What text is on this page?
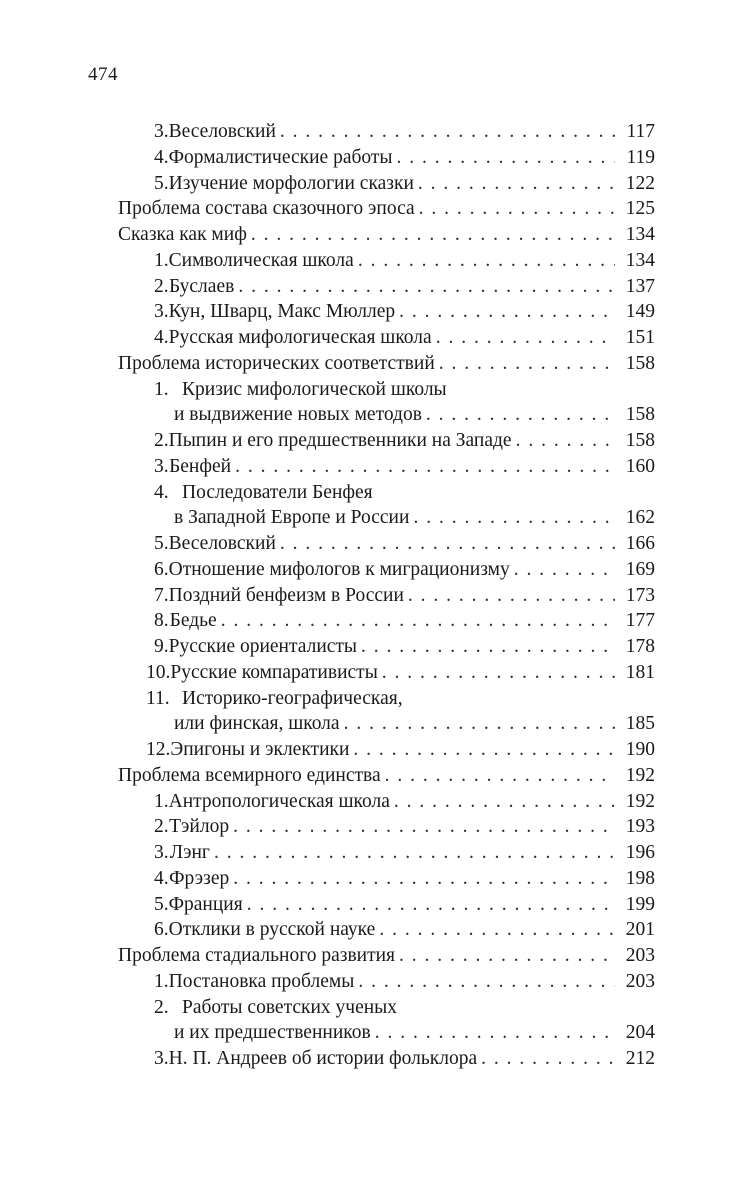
474
3. Веселовский . . .	117
4. Формалистические работы . . .	119
5. Изучение морфологии сказки . . .	122
Проблема состава сказочного эпоса . . .	125
Сказка как миф . . .	134
1. Символическая школа . . .	134
2. Буслаев . . .	137
3. Кун, Шварц, Макс Мюллер . . .	149
4. Русская мифологическая школа . . .	151
Проблема исторических соответствий . . .	158
1. Кризис мифологической школы
и выдвижение новых методов . . .	158
2. Пыпин и его предшественники на Западе . . .	158
3. Бенфей . . .	160
4. Последователи Бенфея
в Западной Европе и России . . .	162
5. Веселовский . . .	166
6. Отношение мифологов к миграционизму . . .	169
7. Поздний бенфеизм в России . . .	173
8. Бедье . . .	177
9. Русские ориенталисты . . .	178
10. Русские компаративисты . . .	181
11. Историко-географическая,
или финская, школа . . .	185
12. Эпигоны и эклектики . . .	190
Проблема всемирного единства . . .	192
1. Антропологическая школа . . .	192
2. Тэйлор . . .	193
3. Лэнг . . .	196
4. Фрэзер . . .	198
5. Франция . . .	199
6. Отклики в русской науке . . .	201
Проблема стадиального развития . . .	203
1. Постановка проблемы . . .	203
2. Работы советских ученых
и их предшественников . . .	204
3. Н. П. Андреев об истории фольклора . . .	212
